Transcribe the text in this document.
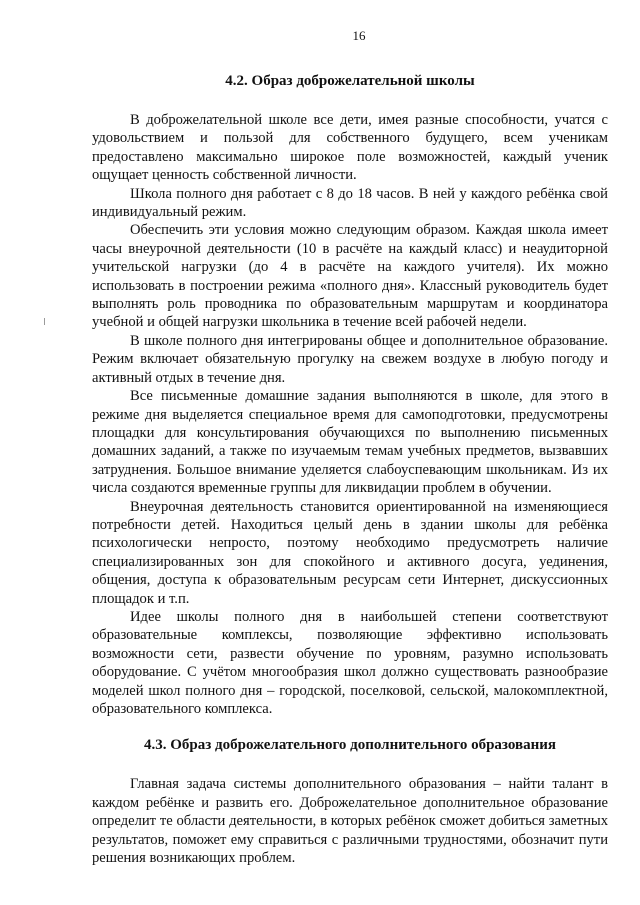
16
4.2. Образ доброжелательной школы

В доброжелательной школе все дети, имея разные способности, учатся с удовольствием и пользой для собственного будущего, всем ученикам предоставлено максимально широкое поле возможностей, каждый ученик ощущает ценность собственной личности.

Школа полного дня работает с 8 до 18 часов. В ней у каждого ребёнка свой индивидуальный режим.

Обеспечить эти условия можно следующим образом. Каждая школа имеет часы внеурочной деятельности (10 в расчёте на каждый класс) и неаудиторной учительской нагрузки (до 4 в расчёте на каждого учителя). Их можно использовать в построении режима «полного дня». Классный руководитель будет выполнять роль проводника по образовательным маршрутам и координатора учебной и общей нагрузки школьника в течение всей рабочей недели.

В школе полного дня интегрированы общее и дополнительное образование. Режим включает обязательную прогулку на свежем воздухе в любую погоду и активный отдых в течение дня.

Все письменные домашние задания выполняются в школе, для этого в режиме дня выделяется специальное время для самоподготовки, предусмотрены площадки для консультирования обучающихся по выполнению письменных домашних заданий, а также по изучаемым темам учебных предметов, вызвавших затруднения. Большое внимание уделяется слабоуспевающим школьникам. Из их числа создаются временные группы для ликвидации проблем в обучении.

Внеурочная деятельность становится ориентированной на изменяющиеся потребности детей. Находиться целый день в здании школы для ребёнка психологически непросто, поэтому необходимо предусмотреть наличие специализированных зон для спокойного и активного досуга, уединения, общения, доступа к образовательным ресурсам сети Интернет, дискуссионных площадок и т.п.

Идее школы полного дня в наибольшей степени соответствуют образовательные комплексы, позволяющие эффективно использовать возможности сети, развести обучение по уровням, разумно использовать оборудование. С учётом многообразия школ должно существовать разнообразие моделей школ полного дня – городской, поселковой, сельской, малокомплектной, образовательного комплекса.

4.3. Образ доброжелательного дополнительного образования

Главная задача системы дополнительного образования – найти талант в каждом ребёнке и развить его. Доброжелательное дополнительное образование определит те области деятельности, в которых ребёнок сможет добиться заметных результатов, поможет ему справиться с различными трудностями, обозначит пути решения возникающих проблем.
